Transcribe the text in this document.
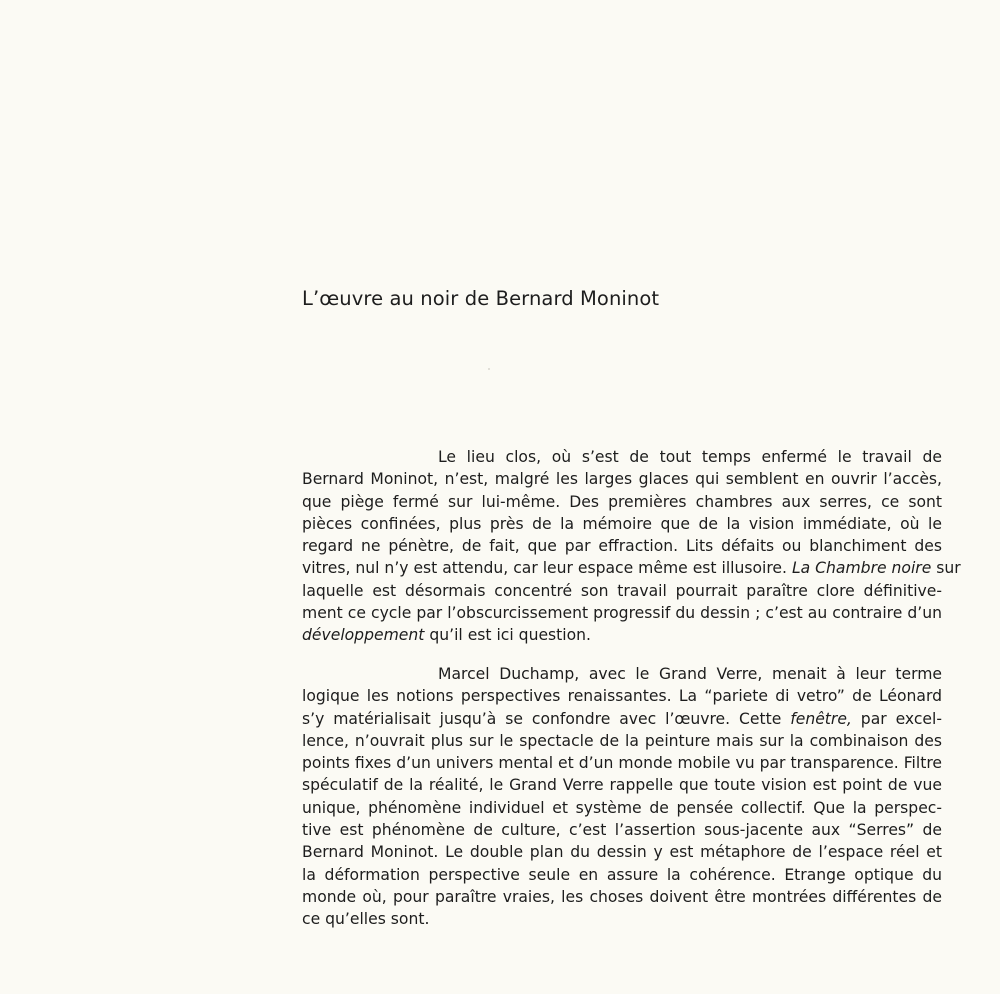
L’œuvre au noir de Bernard Moninot
Le lieu clos, où s’est de tout temps enfermé le travail de
Bernard Moninot, n’est, malgré les larges glaces qui semblent en ouvrir l’accès,
que piège fermé sur lui-même. Des premières chambres aux serres, ce sont
pièces confinées, plus près de la mémoire que de la vision immédiate, où le
regard ne pénètre, de fait, que par effraction. Lits défaits ou blanchiment des
vitres, nul n’y est attendu, car leur espace même est illusoire. La Chambre noire sur
laquelle est désormais concentré son travail pourrait paraître clore définitive-
ment ce cycle par l’obscurcissement progressif du dessin ; c’est au contraire d’un
développement qu’il est ici question.
Marcel Duchamp, avec le Grand Verre, menait à leur terme
logique les notions perspectives renaissantes. La “pariete di vetro” de Léonard
s’y matérialisait jusqu’à se confondre avec l’œuvre. Cette fenêtre, par excel-
lence, n’ouvrait plus sur le spectacle de la peinture mais sur la combinaison des
points fixes d’un univers mental et d’un monde mobile vu par transparence. Filtre
spéculatif de la réalité, le Grand Verre rappelle que toute vision est point de vue
unique, phénomène individuel et système de pensée collectif. Que la perspec-
tive est phénomène de culture, c’est l’assertion sous-jacente aux “Serres” de
Bernard Moninot. Le double plan du dessin y est métaphore de l’espace réel et
la déformation perspective seule en assure la cohérence. Etrange optique du
monde où, pour paraître vraies, les choses doivent être montrées différentes de
ce qu’elles sont.
